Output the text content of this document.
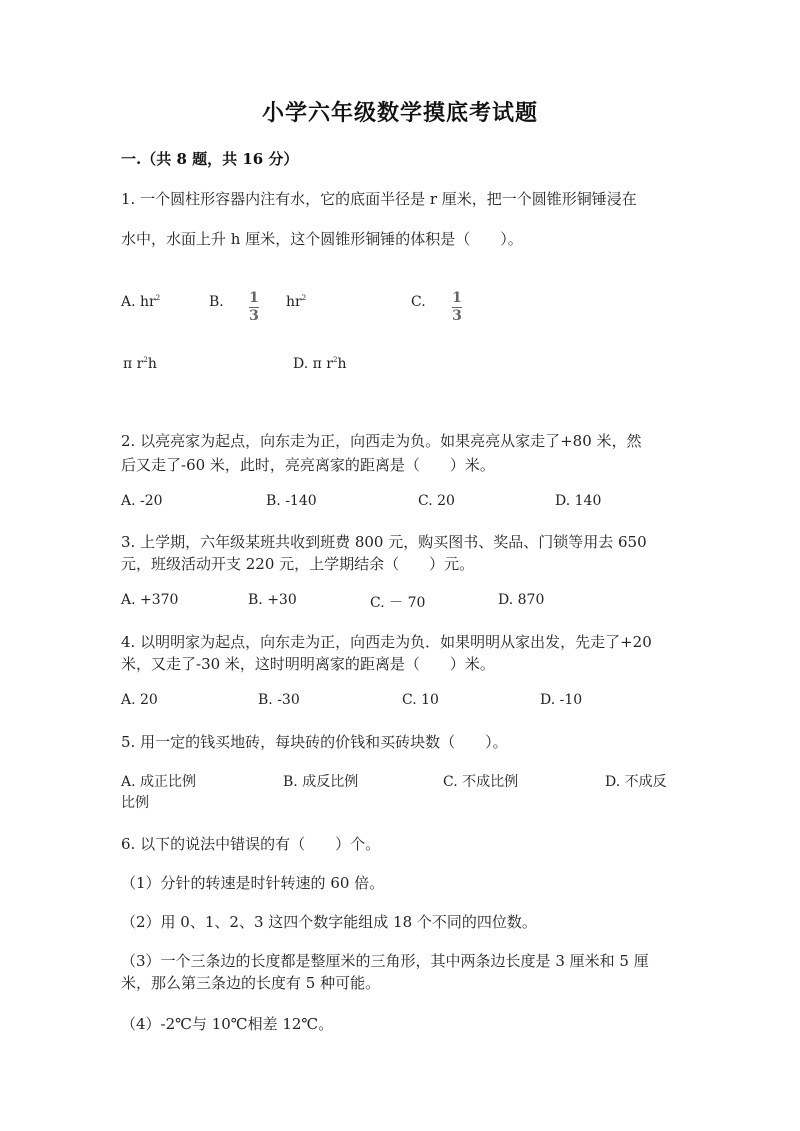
小学六年级数学摸底考试题
一.（共 8 题，共 16 分）
1. 一个圆柱形容器内注有水，它的底面半径是 r 厘米，把一个圆锥形铜锤浸在
水中，水面上升 h 厘米，这个圆锥形铜锤的体积是（　　）。
A. $hr^2$	B. $\frac{1}{3} hr^2$	C. $\frac{1}{3}$
π $r^2h$	D. π $r^2h$
2. 以亮亮家为起点，向东走为正，向西走为负。如果亮亮从家走了+80 米，然
后又走了-60 米，此时，亮亮离家的距离是（　　）米。
A. -20	B. -140	C. 20	D. 140
3. 上学期，六年级某班共收到班费 800 元，购买图书、奖品、门锁等用去 650
元，班级活动开支 220 元，上学期结余（　　）元。
A. +370	B. +30	C. － 70	D. 870
4. 以明明家为起点，向东走为正，向西走为负．如果明明从家出发，先走了+20
米，又走了-30 米，这时明明离家的距离是（　　）米。
A. 20	B. -30	C. 10	D. -10
5. 用一定的钱买地砖，每块砖的价钱和买砖块数（　　）。
A. 成正比例	B. 成反比例	C. 不成比例	D. 不成反
比例
6. 以下的说法中错误的有（　　）个。
（1）分针的转速是时针转速的 60 倍。
（2）用 0、1、2、3 这四个数字能组成 18 个不同的四位数。
（3）一个三条边的长度都是整厘米的三角形，其中两条边长度是 3 厘米和 5 厘
米，那么第三条边的长度有 5 种可能。
（4）-2℃与 10℃相差 12℃。
